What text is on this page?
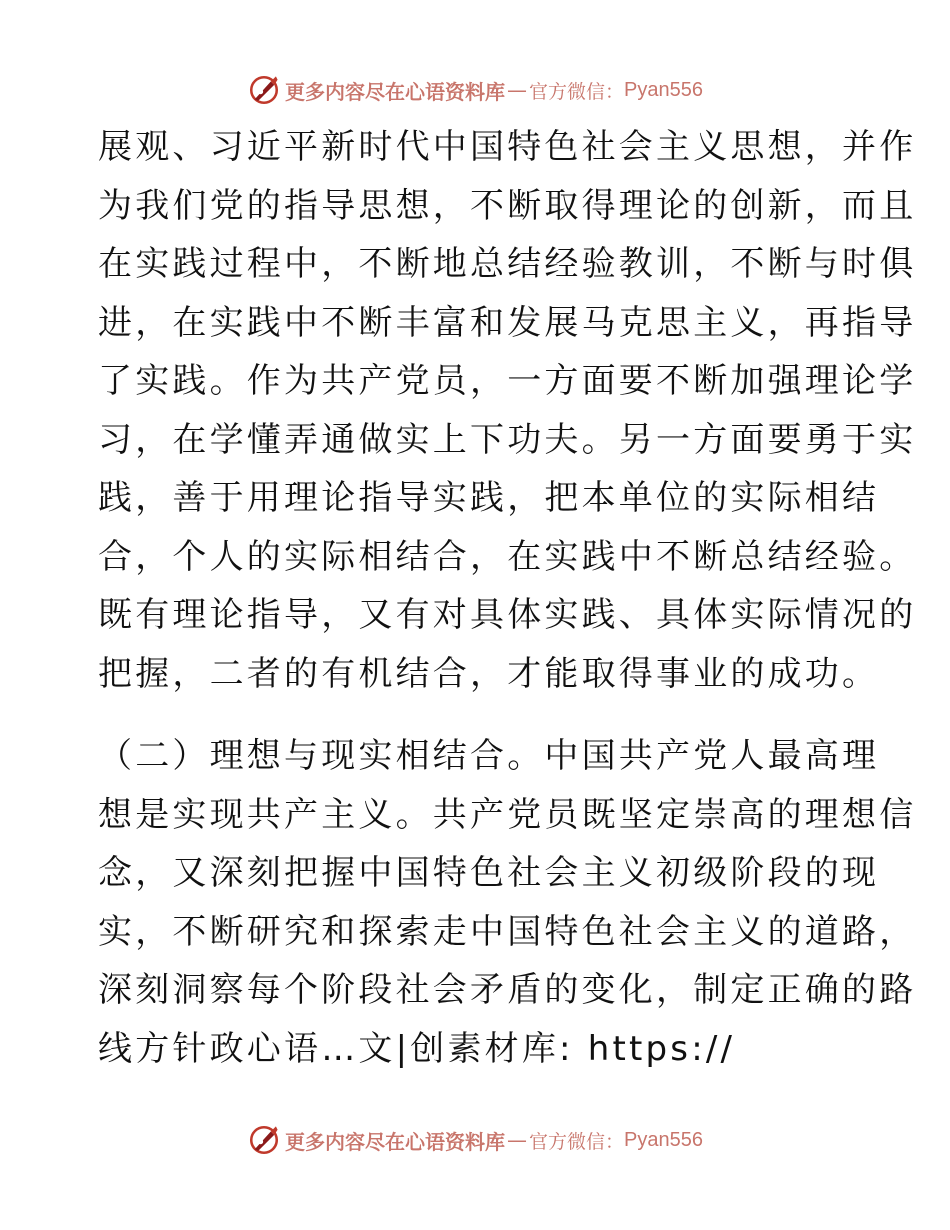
更多内容尽在心语资料库 — 官方微信： Pyan556
展观、习近平新时代中国特色社会主义思想，并作
为我们党的指导思想，不断取得理论的创新，而且
在实践过程中，不断地总结经验教训，不断与时俱
进，在实践中不断丰富和发展马克思主义，再指导
了实践。作为共产党员，一方面要不断加强理论学
习，在学懂弄通做实上下功夫。另一方面要勇于实
践，善于用理论指导实践，把本单位的实际相结
合，个人的实际相结合，在实践中不断总结经验。
既有理论指导，又有对具体实践、具体实际情况的
把握，二者的有机结合，才能取得事业的成功。
（二）理想与现实相结合。中国共产党人最高理
想是实现共产主义。共产党员既坚定崇高的理想信
念，又深刻把握中国特色社会主义初级阶段的现
实，不断研究和探索走中国特色社会主义的道路，
深刻洞察每个阶段社会矛盾的变化，制定正确的路
线方针政心语…文|创素材库: https://
更多内容尽在心语资料库 — 官方微信： Pyan556
